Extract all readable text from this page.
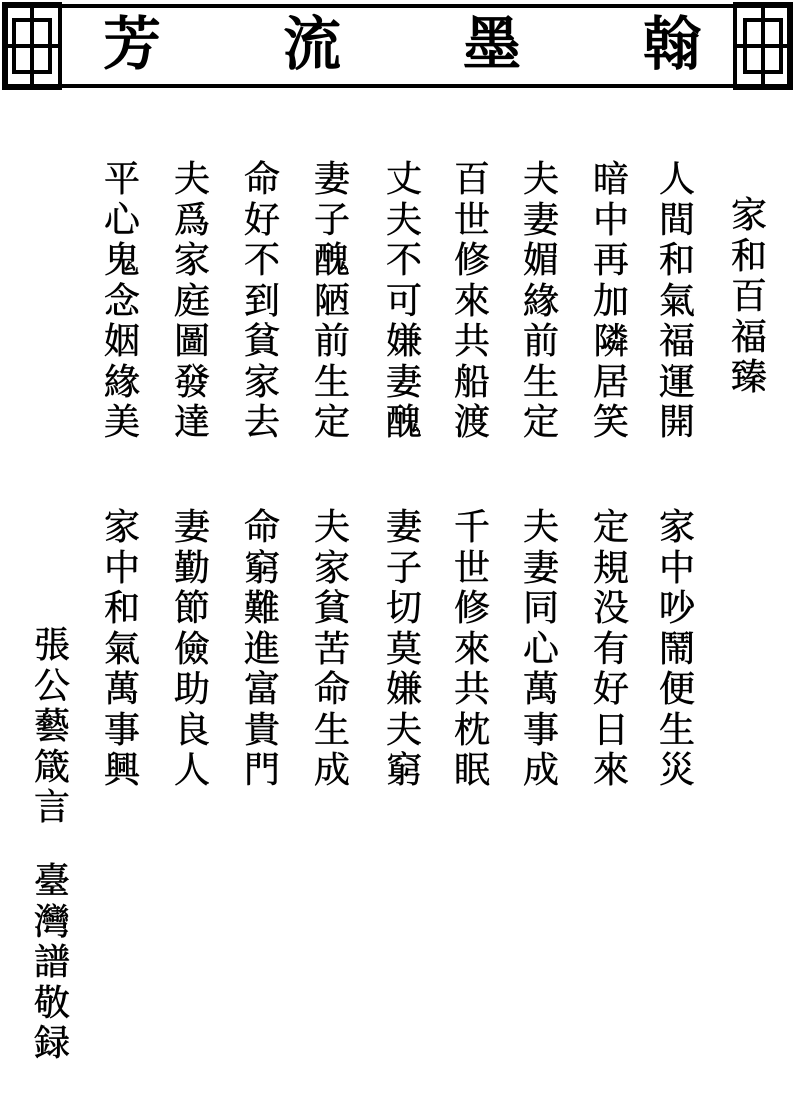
芳 流 墨 翰
家
和
百
福
臻
人
間
和
氣
福
運
開
暗
中
再
加
隣
居
笑
夫
妻
媚
緣
前
生
定
百
世
修
來
共
船
渡
丈
夫
不
可
嫌
妻
醜
妻
子
醜
陋
前
生
定
命
好
不
到
貧
家
去
夫
爲
家
庭
圖
發
達
平
心
鬼
念
姻
緣
美
家
中
吵
鬧
便
生
災
定
規
没
有
好
日
來
夫
妻
同
心
萬
事
成
千
世
修
來
共
枕
眠
妻
子
切
莫
嫌
夫
窮
夫
家
貧
苦
命
生
成
命
窮
難
進
富
貴
門
妻
勤
節
儉
助
良
人
家
中
和
氣
萬
事
興
張
公
藝
箴
言
臺
灣
譜
敬
録
